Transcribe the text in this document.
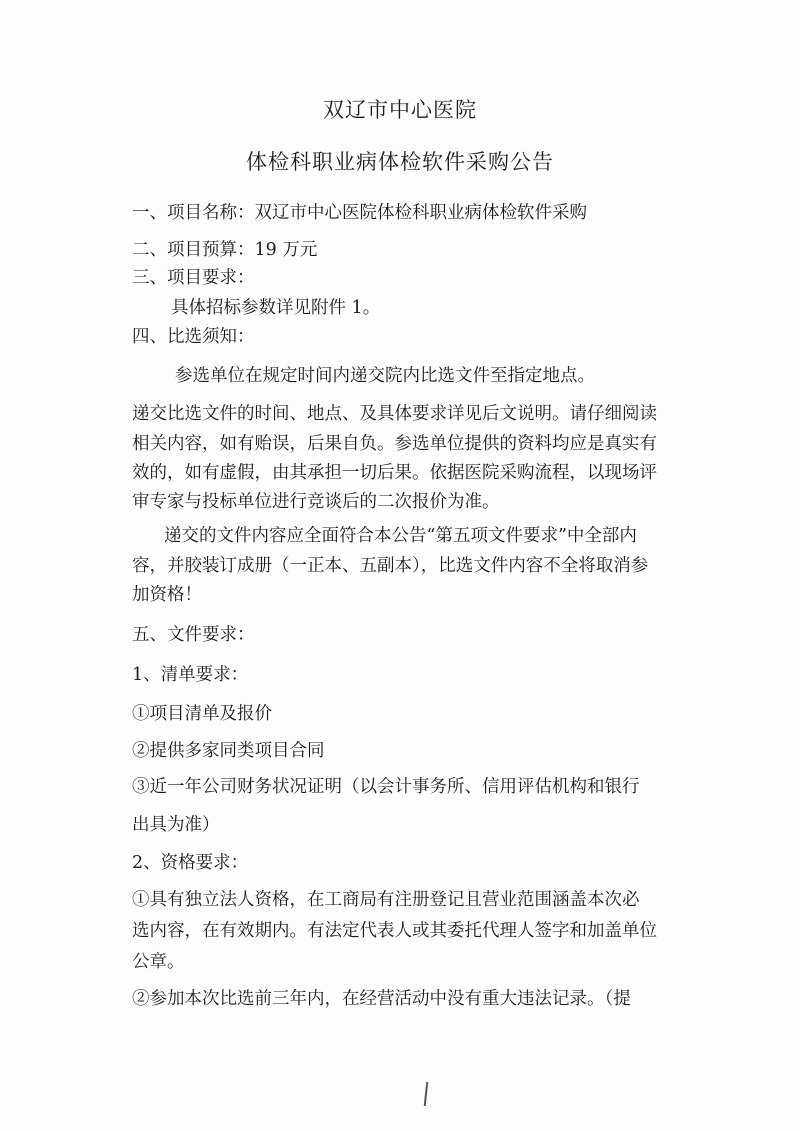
双辽市中心医院
体检科职业病体检软件采购公告

一、项目名称：双辽市中心医院体检科职业病体检软件采购

二、项目预算：19 万元

三、项目要求：

具体招标参数详见附件 1。

四、比选须知：

参选单位在规定时间内递交院内比选文件至指定地点。

递交比选文件的时间、地点、及具体要求详见后文说明。请仔细阅读

相关内容，如有贻误，后果自负。参选单位提供的资料均应是真实有

效的，如有虚假，由其承担一切后果。依据医院采购流程，以现场评

审专家与投标单位进行竞谈后的二次报价为准。

递交的文件内容应全面符合本公告“第五项文件要求”中全部内

容，并胶装订成册（一正本、五副本），比选文件内容不全将取消参

加资格！

五、文件要求：

1、清单要求：

①项目清单及报价

②提供多家同类项目合同

③近一年公司财务状况证明（以会计事务所、信用评估机构和银行

出具为准）

2、资格要求：

①具有独立法人资格，在工商局有注册登记且营业范围涵盖本次必

选内容，在有效期内。有法定代表人或其委托代理人签字和加盖单位

公章。

②参加本次比选前三年内，在经营活动中没有重大违法记录。（提
